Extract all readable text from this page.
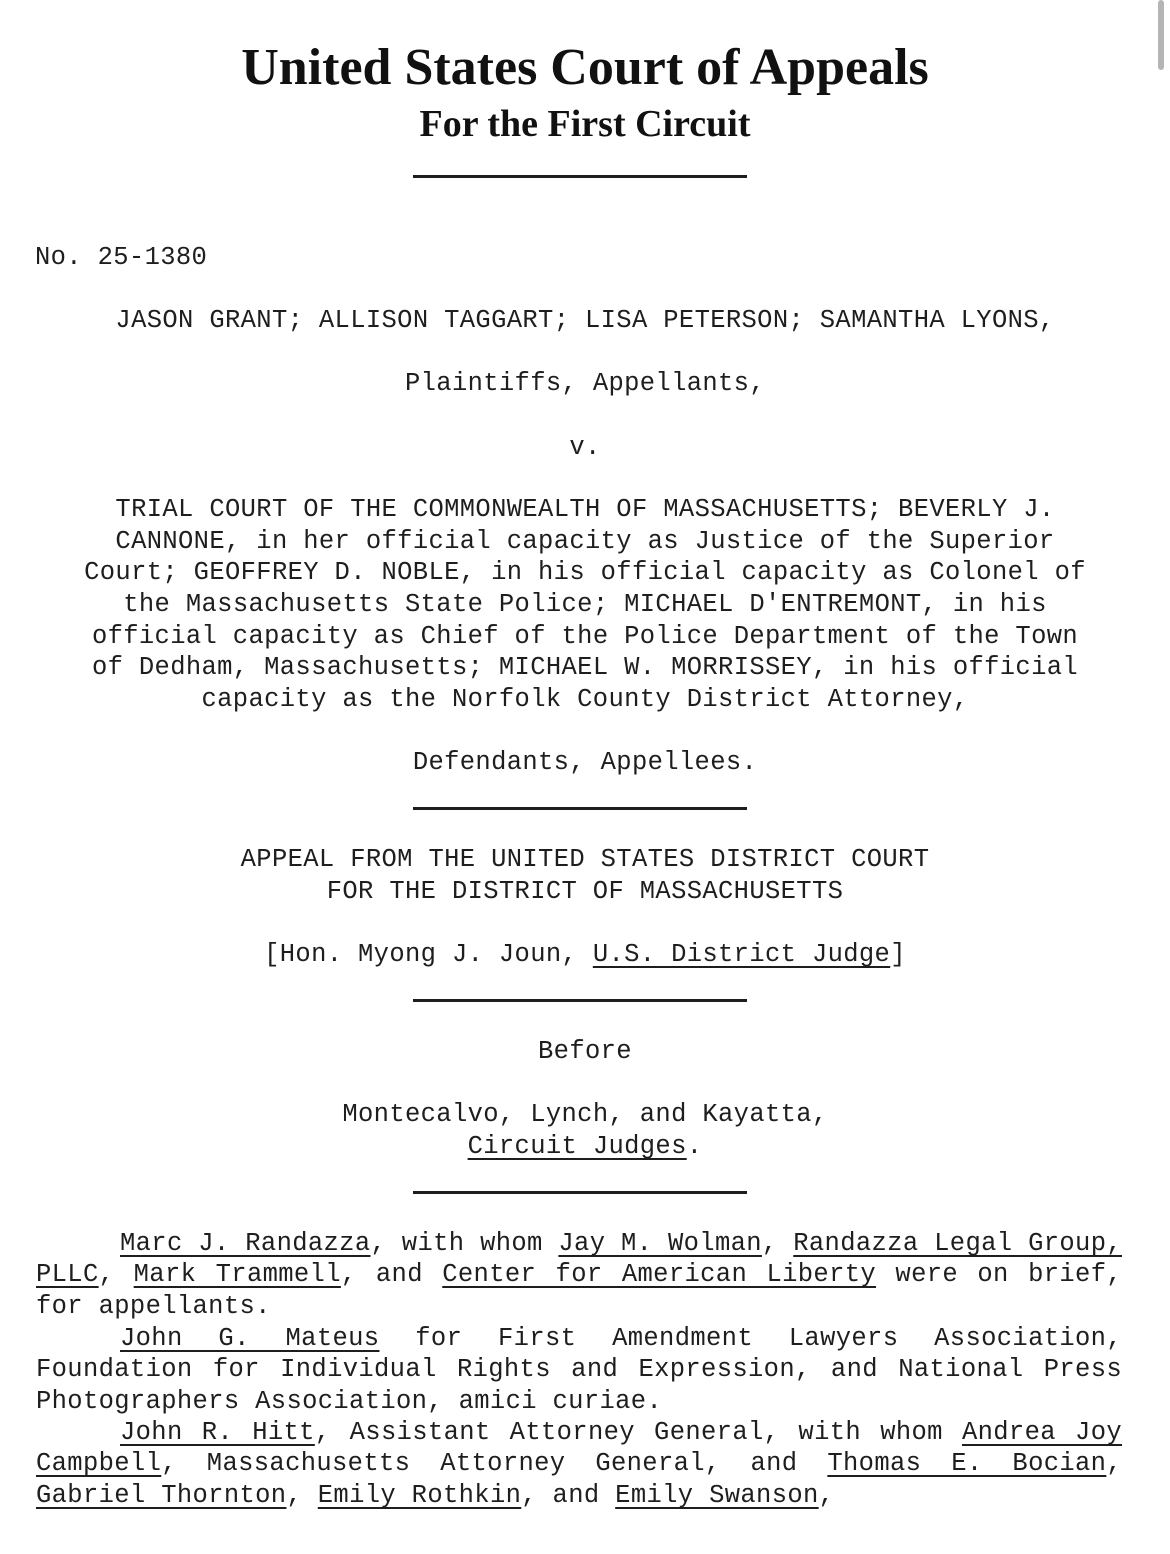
United States Court of Appeals
For the First Circuit
No. 25-1380
JASON GRANT; ALLISON TAGGART; LISA PETERSON; SAMANTHA LYONS,
Plaintiffs, Appellants,
v.
TRIAL COURT OF THE COMMONWEALTH OF MASSACHUSETTS; BEVERLY J.
CANNONE, in her official capacity as Justice of the Superior
Court; GEOFFREY D. NOBLE, in his official capacity as Colonel of
the Massachusetts State Police; MICHAEL D'ENTREMONT, in his
official capacity as Chief of the Police Department of the Town
of Dedham, Massachusetts; MICHAEL W. MORRISSEY, in his official
capacity as the Norfolk County District Attorney,
Defendants, Appellees.
APPEAL FROM THE UNITED STATES DISTRICT COURT
FOR THE DISTRICT OF MASSACHUSETTS
[Hon. Myong J. Joun, U.S. District Judge]
Before
Montecalvo, Lynch, and Kayatta,
Circuit Judges.

Marc J. Randazza, with whom Jay M. Wolman, Randazza Legal Group, PLLC, Mark Trammell, and Center for American Liberty were on brief, for appellants.

John G. Mateus for First Amendment Lawyers Association, Foundation for Individual Rights and Expression, and National Press Photographers Association, amici curiae.

John R. Hitt, Assistant Attorney General, with whom Andrea Joy Campbell, Massachusetts Attorney General, and Thomas E. Bocian, Gabriel Thornton, Emily Rothkin, and Emily Swanson,
